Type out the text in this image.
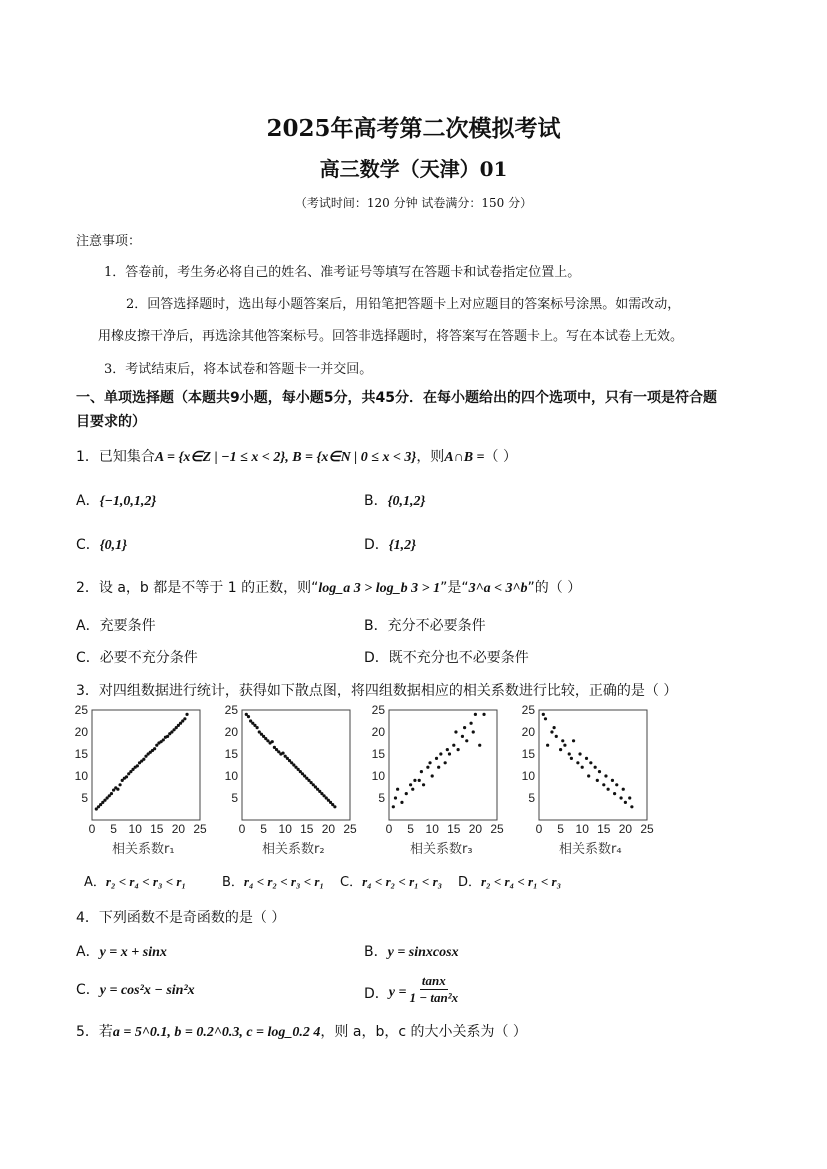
2025年高考第二次模拟考试
高三数学（天津）01
（考试时间：120 分钟 试卷满分：150 分）
注意事项：
1．答卷前，考生务必将自己的姓名、准考证号等填写在答题卡和试卷指定位置上。
2．回答选择题时，选出每小题答案后，用铅笔把答题卡上对应题目的答案标号涂黑。如需改动，
用橡皮擦干净后，再选涂其他答案标号。回答非选择题时，将答案写在答题卡上。写在本试卷上无效。
3．考试结束后，将本试卷和答题卡一并交回。
一、单项选择题（本题共9小题，每小题5分，共45分．在每小题给出的四个选项中，只有一项是符合题
目要求的）
1．已知集合A = {x∈Z | −1 ≤ x < 2}, B = {x∈N | 0 ≤ x < 3}，则A∩B =（ ）
A．{−1,0,1,2}	B．{0,1,2}
C．{0,1}	D．{1,2}
2．设 a，b 都是不等于 1 的正数，则“log_a 3 > log_b 3 > 1”是“3^a < 3^b”的（ ）
A．充要条件	B．充分不必要条件
C．必要不充分条件	D．既不充分也不必要条件
3．对四组数据进行统计，获得如下散点图，将四组数据相应的相关系数进行比较，正确的是（ ）
0 5 10 15 20 25
5
10
15
20
25
0 5 10 15 20 25
5
10
15
20
25
0 5 10 15 20 25
5
10
15
20
25
0 5 10 15 20 25
5
10
15
20
25
相关系数r₁	相关系数r₂	相关系数r₃	相关系数r₄
A．r₂ < r₄ < r₃ < r₁	B．r₄ < r₂ < r₃ < r₁ C．r₄ < r₂ < r₁ < r₃ D．r₂ < r₄ < r₁ < r₃
4．下列函数不是奇函数的是（ ）
A．y = x + sinx	B．y = sinxcosx
C．y = cos²x − sin²x	D． $y = \frac{\tan x}{\text{1 − tan²x}}$
5．若a = 5^0.1, b = 0.2^0.3, c = log_0.2 4，则 a，b，c 的大小关系为（ ）
